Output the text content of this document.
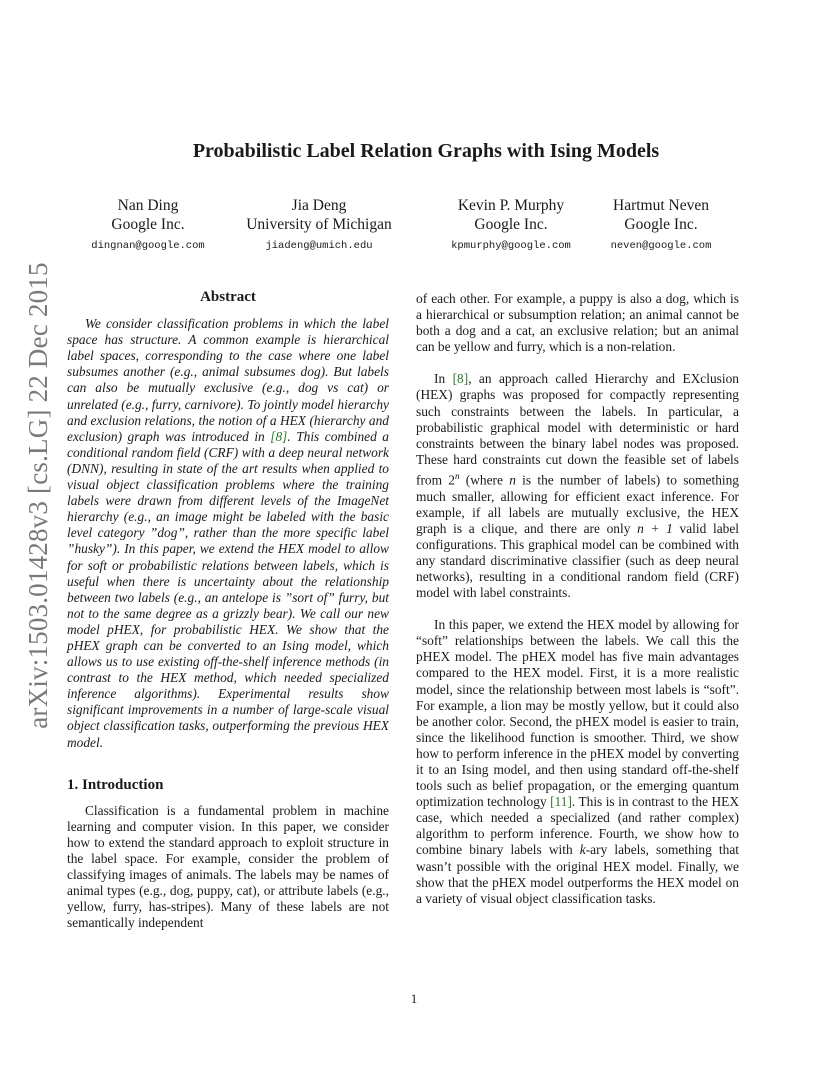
arXiv:1503.01428v3 [cs.LG] 22 Dec 2015
Probabilistic Label Relation Graphs with Ising Models
Nan Ding
Google Inc.
dingnan@google.com
Jia Deng
University of Michigan
jiadeng@umich.edu
Kevin P. Murphy
Google Inc.
kpmurphy@google.com
Hartmut Neven
Google Inc.
neven@google.com
Abstract

We consider classification problems in which the label space has structure. A common example is hierarchical label spaces, corresponding to the case where one label subsumes another (e.g., animal subsumes dog). But labels can also be mutually exclusive (e.g., dog vs cat) or unrelated (e.g., furry, carnivore). To jointly model hierarchy and exclusion relations, the notion of a HEX (hierarchy and exclusion) graph was introduced in [8]. This combined a conditional random field (CRF) with a deep neural network (DNN), resulting in state of the art results when applied to visual object classification problems where the training labels were drawn from different levels of the ImageNet hierarchy (e.g., an image might be labeled with the basic level category ”dog”, rather than the more specific label ”husky”). In this paper, we extend the HEX model to allow for soft or probabilistic relations between labels, which is useful when there is uncertainty about the relationship between two labels (e.g., an antelope is ”sort of” furry, but not to the same degree as a grizzly bear). We call our new model pHEX, for probabilistic HEX. We show that the pHEX graph can be converted to an Ising model, which allows us to use existing off-the-shelf inference methods (in contrast to the HEX method, which needed specialized inference algorithms). Experimental results show significant improvements in a number of large-scale visual object classification tasks, outperforming the previous HEX model.

1. Introduction

Classification is a fundamental problem in machine learning and computer vision. In this paper, we consider how to extend the standard approach to exploit structure in the label space. For example, consider the problem of classifying images of animals. The labels may be names of animal types (e.g., dog, puppy, cat), or attribute labels (e.g., yellow, furry, has-stripes). Many of these labels are not semantically independent

of each other. For example, a puppy is also a dog, which is a hierarchical or subsumption relation; an animal cannot be both a dog and a cat, an exclusive relation; but an animal can be yellow and furry, which is a non-relation.

In [8], an approach called Hierarchy and EXclusion (HEX) graphs was proposed for compactly representing such constraints between the labels. In particular, a probabilistic graphical model with deterministic or hard constraints between the binary label nodes was proposed. These hard constraints cut down the feasible set of labels from 2$^n$ (where n is the number of labels) to something much smaller, allowing for efficient exact inference. For example, if all labels are mutually exclusive, the HEX graph is a clique, and there are only n + 1 valid label configurations. This graphical model can be combined with any standard discriminative classifier (such as deep neural networks), resulting in a conditional random field (CRF) model with label constraints.

In this paper, we extend the HEX model by allowing for “soft” relationships between the labels. We call this the pHEX model. The pHEX model has five main advantages compared to the HEX model. First, it is a more realistic model, since the relationship between most labels is “soft”. For example, a lion may be mostly yellow, but it could also be another color. Second, the pHEX model is easier to train, since the likelihood function is smoother. Third, we show how to perform inference in the pHEX model by converting it to an Ising model, and then using standard off-the-shelf tools such as belief propagation, or the emerging quantum optimization technology [11]. This is in contrast to the HEX case, which needed a specialized (and rather complex) algorithm to perform inference. Fourth, we show how to combine binary labels with k-ary labels, something that wasn’t possible with the original HEX model. Finally, we show that the pHEX model outperforms the HEX model on a variety of visual object classification tasks.

1
